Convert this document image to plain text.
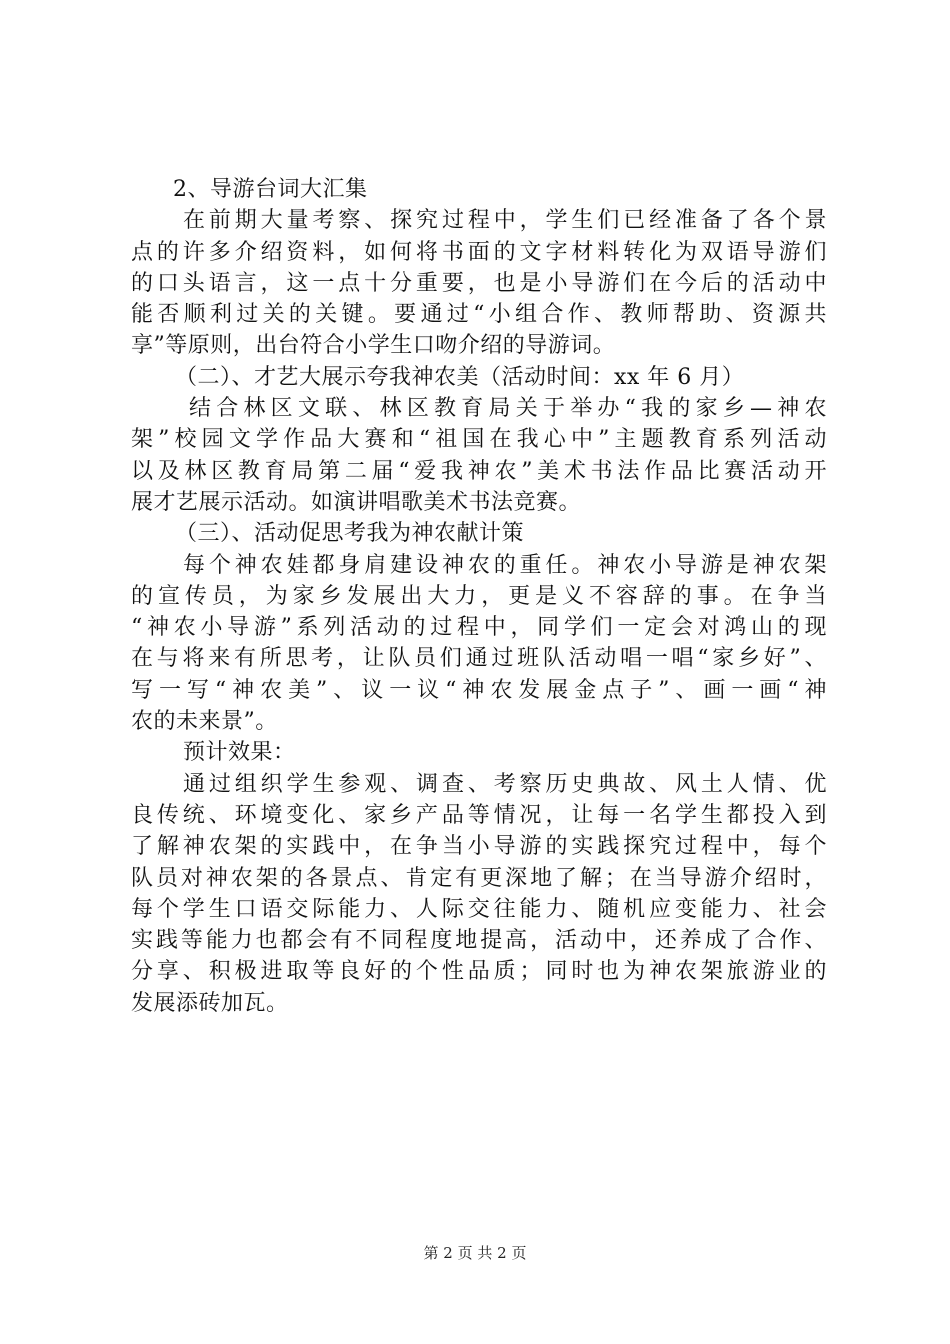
2、导游台词大汇集
在前期大量考察、探究过程中，学生们已经准备了各个景
点的许多介绍资料，如何将书面的文字材料转化为双语导游们
的口头语言，这一点十分重要，也是小导游们在今后的活动中
能否顺利过关的关键。要通过“小组合作、教师帮助、资源共
享”等原则，出台符合小学生口吻介绍的导游词。
（二）、才艺大展示夸我神农美（活动时间：xx 年 6 月）
结合林区文联、林区教育局关于举办“我的家乡—神农
架”校园文学作品大赛和“祖国在我心中”主题教育系列活动
以及林区教育局第二届“爱我神农”美术书法作品比赛活动开
展才艺展示活动。如演讲唱歌美术书法竞赛。
（三）、活动促思考我为神农献计策
每个神农娃都身肩建设神农的重任。神农小导游是神农架
的宣传员，为家乡发展出大力，更是义不容辞的事。在争当
“神农小导游”系列活动的过程中，同学们一定会对鸿山的现
在与将来有所思考，让队员们通过班队活动唱一唱“家乡好”、
写一写“神农美”、议一议“神农发展金点子”、画一画“神
农的未来景”。
预计效果：
通过组织学生参观、调查、考察历史典故、风土人情、优
良传统、环境变化、家乡产品等情况，让每一名学生都投入到
了解神农架的实践中，在争当小导游的实践探究过程中，每个
队员对神农架的各景点、肯定有更深地了解；在当导游介绍时，
每个学生口语交际能力、人际交往能力、随机应变能力、社会
实践等能力也都会有不同程度地提高，活动中，还养成了合作、
分享、积极进取等良好的个性品质；同时也为神农架旅游业的
发展添砖加瓦。
第 2 页 共 2 页
